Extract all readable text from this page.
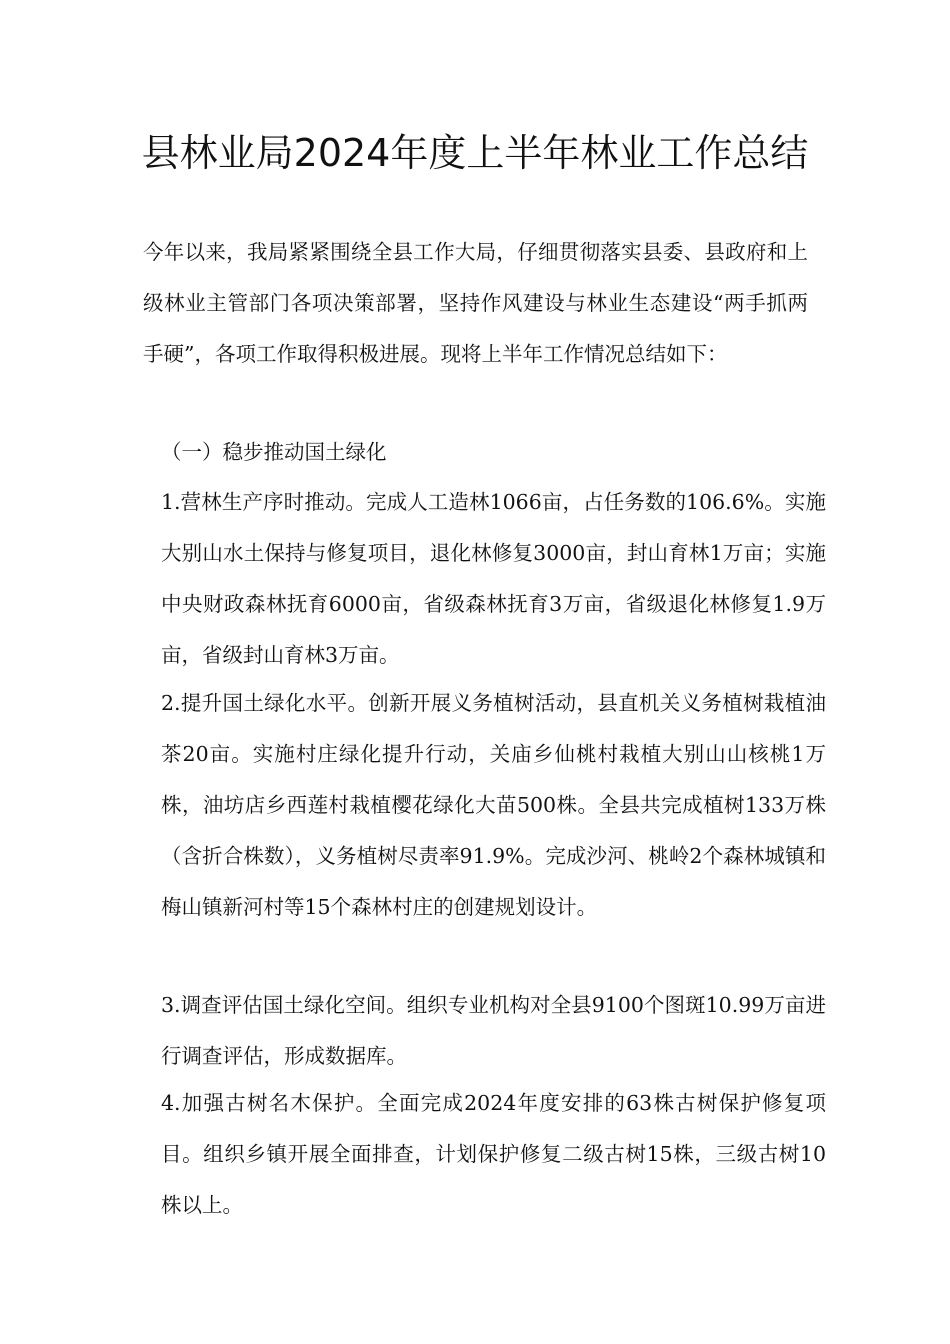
县林业局2024年度上半年林业工作总结

今年以来，我局紧紧围绕全县工作大局，仔细贯彻落实县委、县政府和上级林业主管部门各项决策部署，坚持作风建设与林业生态建设“两手抓两手硬”，各项工作取得积极进展。现将上半年工作情况总结如下：

（一）稳步推动国土绿化

1.营林生产序时推动。完成人工造林1066亩，占任务数的106.6%。实施大别山水土保持与修复项目，退化林修复3000亩，封山育林1万亩；实施中央财政森林抚育6000亩，省级森林抚育3万亩，省级退化林修复1.9万亩，省级封山育林3万亩。

2.提升国土绿化水平。创新开展义务植树活动，县直机关义务植树栽植油茶20亩。实施村庄绿化提升行动，关庙乡仙桃村栽植大别山山核桃1万株，油坊店乡西莲村栽植樱花绿化大苗500株。全县共完成植树133万株（含折合株数），义务植树尽责率91.9%。完成沙河、桃岭2个森林城镇和梅山镇新河村等15个森林村庄的创建规划设计。

3.调查评估国土绿化空间。组织专业机构对全县9100个图斑10.99万亩进行调查评估，形成数据库。

4.加强古树名木保护。全面完成2024年度安排的63株古树保护修复项目。组织乡镇开展全面排查，计划保护修复二级古树15株，三级古树10株以上。
